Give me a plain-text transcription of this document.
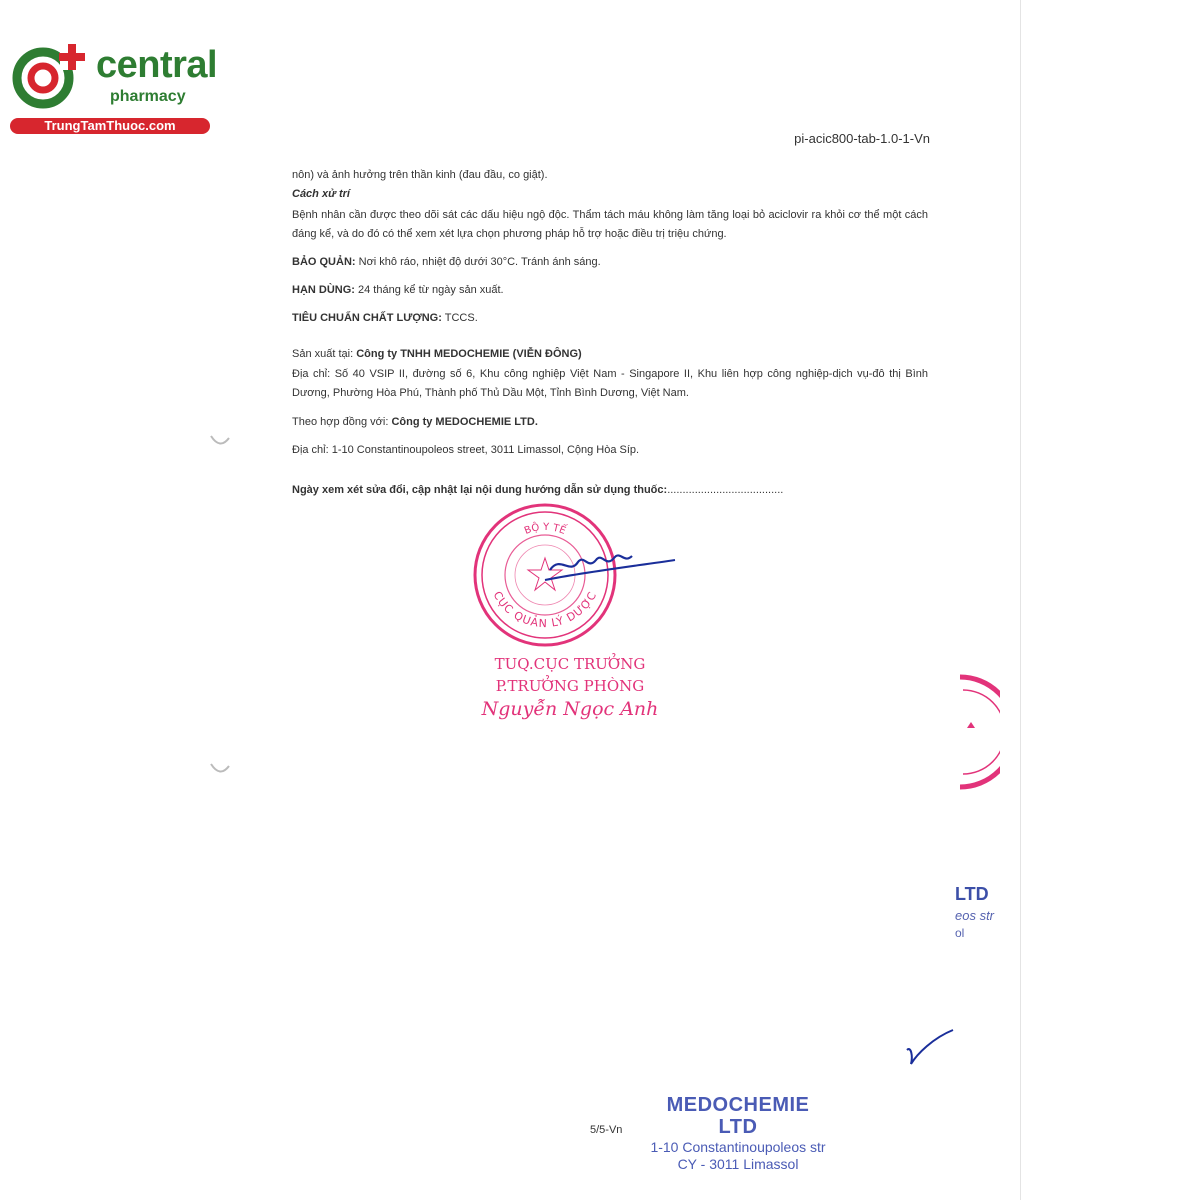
central
pharmacy
TrungTamThuoc.com
pi-acic800-tab-1.0-1-Vn
nôn) và ảnh hưởng trên thần kinh (đau đầu, co giật).
Cách xử trí
Bệnh nhân cần được theo dõi sát các dấu hiệu ngộ độc. Thẩm tách máu không làm tăng loại bỏ aciclovir ra khỏi cơ thể một cách đáng kể, và do đó có thể xem xét lựa chọn phương pháp hỗ trợ hoặc điều trị triệu chứng.
BẢO QUẢN: Nơi khô ráo, nhiệt độ dưới 30°C. Tránh ánh sáng.
HẠN DÙNG: 24 tháng kể từ ngày sản xuất.
TIÊU CHUẨN CHẤT LƯỢNG: TCCS.
Sản xuất tại: Công ty TNHH MEDOCHEMIE (VIỄN ĐÔNG)
Địa chỉ: Số 40 VSIP II, đường số 6, Khu công nghiệp Việt Nam - Singapore II, Khu liên hợp công nghiệp-dịch vụ-đô thị Bình Dương, Phường Hòa Phú, Thành phố Thủ Dầu Một, Tỉnh Bình Dương, Việt Nam.
Theo hợp đồng với: Công ty MEDOCHEMIE LTD.
Địa chỉ: 1-10 Constantinoupoleos street, 3011 Limassol, Cộng Hòa Síp.
Ngày xem xét sửa đổi, cập nhật lại nội dung hướng dẫn sử dụng thuốc:......................................
BỘ Y TẾ
CỤC QUẢN LÝ DƯỢC
TUQ.CỤC TRƯỞNG
P.TRƯỞNG PHÒNG
Nguyễn Ngọc Anh
LTD
eos str
ol
5/5-Vn
MEDOCHEMIE LTD
1-10 Constantinoupoleos str
CY - 3011 Limassol
